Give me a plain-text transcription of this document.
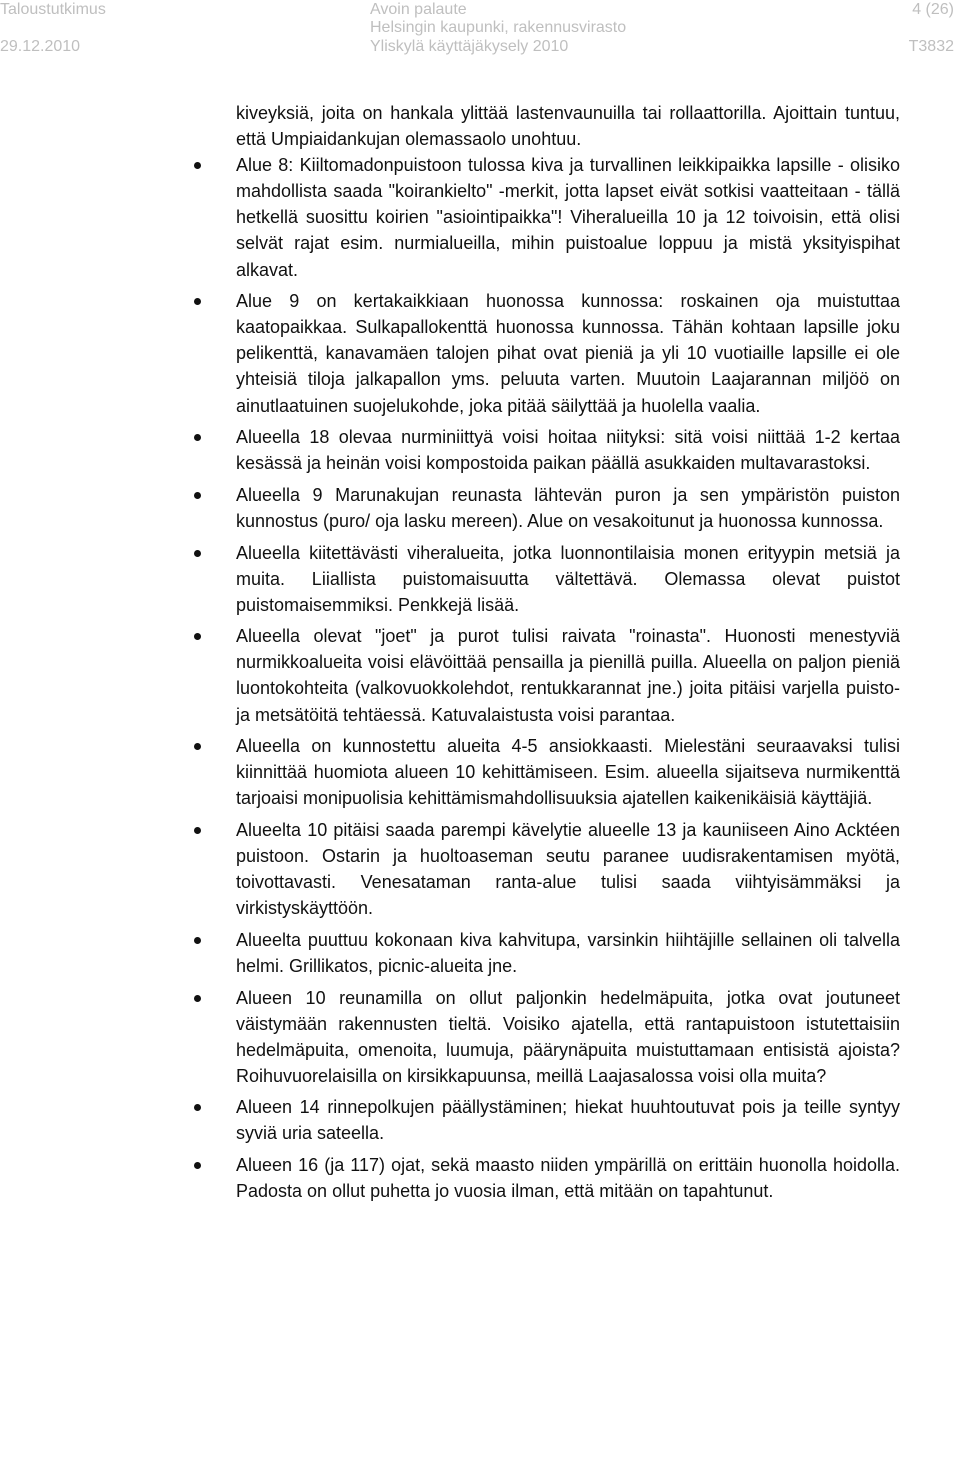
Taloustutkimus
29.12.2010
Avoin palaute
Helsingin kaupunki, rakennusvirasto
Yliskylä käyttäjäkysely 2010
4 (26)
T3832

kiveyksiä, joita on hankala ylittää lastenvaunuilla tai rollaattorilla. Ajoittain tuntuu, että Umpiaidankujan olemassaolo unohtuu.

Alue 8: Kiiltomadonpuistoon tulossa kiva ja turvallinen leikkipaikka lapsille - olisiko mahdollista saada "koirankielto" -merkit, jotta lapset eivät sotkisi vaatteitaan - tällä hetkellä suosittu koirien "asiointipaikka"! Viheralueilla 10 ja 12 toivoisin, että olisi selvät rajat esim. nurmialueilla, mihin puistoalue loppuu ja mistä yksityispihat alkavat.
Alue 9 on kertakaikkiaan huonossa kunnossa: roskainen oja muistuttaa kaatopaikkaa. Sulkapallokenttä huonossa kunnossa. Tähän kohtaan lapsille joku pelikenttä, kanavamäen talojen pihat ovat pieniä ja yli 10 vuotiaille lapsille ei ole yhteisiä tiloja jalkapallon yms. peluuta varten. Muutoin Laajarannan miljöö on ainutlaatuinen suojelukohde, joka pitää säilyttää ja huolella vaalia.
Alueella 18 olevaa nurminiittyä voisi hoitaa niityksi: sitä voisi niittää 1-2 kertaa kesässä ja heinän voisi kompostoida paikan päällä asukkaiden multavarastoksi.
Alueella 9 Marunakujan reunasta lähtevän puron ja sen ympäristön puiston kunnostus (puro/ oja lasku mereen). Alue on vesakoitunut ja huonossa kunnossa.
Alueella kiitettävästi viheralueita, jotka luonnontilaisia monen erityypin metsiä ja muita. Liiallista puistomaisuutta vältettävä. Olemassa olevat puistot puistomaisemmiksi. Penkkejä lisää.
Alueella olevat "joet" ja purot tulisi raivata "roinasta". Huonosti menestyviä nurmikkoalueita voisi elävöittää pensailla ja pienillä puilla. Alueella on paljon pieniä luontokohteita (valkovuokkolehdot, rentukkarannat jne.) joita pitäisi varjella puisto- ja metsätöitä tehtäessä. Katuvalaistusta voisi parantaa.
Alueella on kunnostettu alueita 4-5 ansiokkaasti. Mielestäni seuraavaksi tulisi kiinnittää huomiota alueen 10 kehittämiseen. Esim. alueella sijaitseva nurmikenttä tarjoaisi monipuolisia kehittämismahdollisuuksia ajatellen kaikenikäisiä käyttäjiä.
Alueelta 10 pitäisi saada parempi kävelytie alueelle 13 ja kauniiseen Aino Acktéen puistoon. Ostarin ja huoltoaseman seutu paranee uudisrakentamisen myötä, toivottavasti. Venesataman ranta-alue tulisi saada viihtyisämmäksi ja virkistyskäyttöön.
Alueelta puuttuu kokonaan kiva kahvitupa, varsinkin hiihtäjille sellainen oli talvella helmi. Grillikatos, picnic-alueita jne.
Alueen 10 reunamilla on ollut paljonkin hedelmäpuita, jotka ovat joutuneet väistymään rakennusten tieltä. Voisiko ajatella, että rantapuistoon istutettaisiin hedelmäpuita, omenoita, luumuja, päärynäpuita muistuttamaan entisistä ajoista? Roihuvuorelaisilla on kirsikkapuunsa, meillä Laajasalossa voisi olla muita?
Alueen 14 rinnepolkujen päällystäminen; hiekat huuhtoutuvat pois ja teille syntyy syviä uria sateella.
Alueen 16 (ja 117) ojat, sekä maasto niiden ympärillä on erittäin huonolla hoidolla. Padosta on ollut puhetta jo vuosia ilman, että mitään on tapahtunut.
